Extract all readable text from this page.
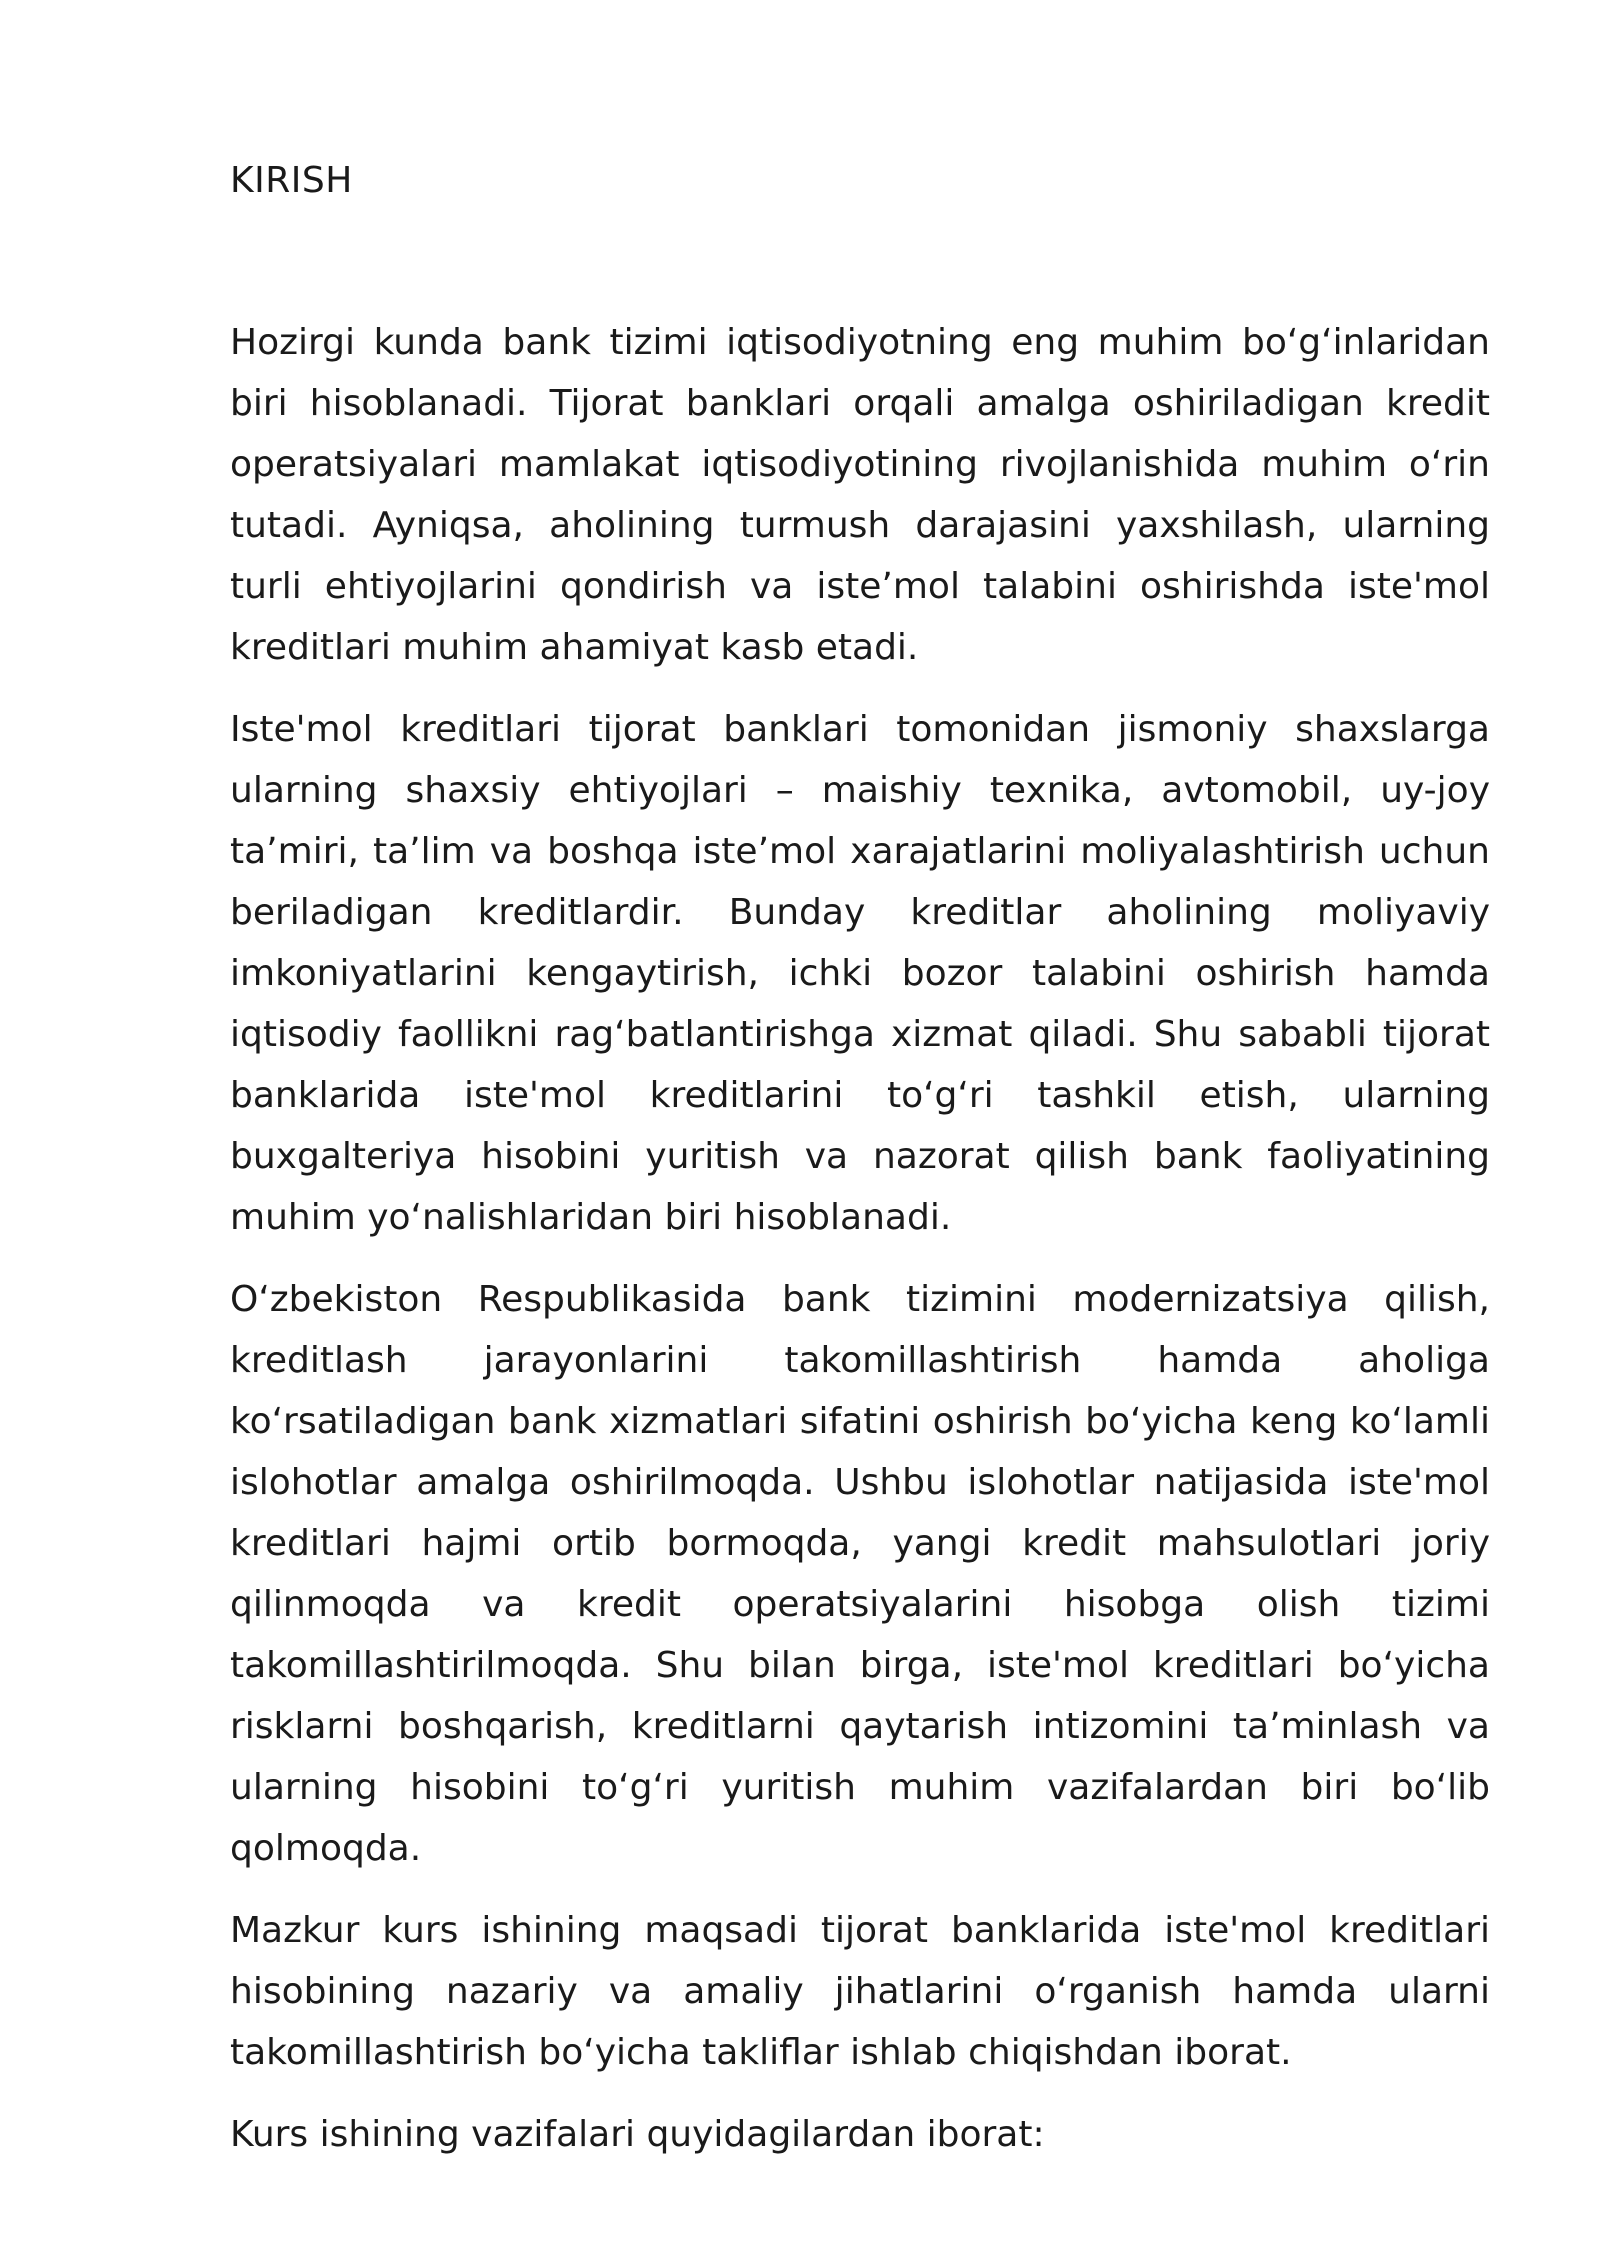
KIRISH

Hozirgi kunda bank tizimi iqtisodiyotning eng muhim bo‘g‘inlaridan biri hisoblanadi. Tijorat banklari orqali amalga oshiriladigan kredit operatsiyalari mamlakat iqtisodiyotining rivojlanishida muhim o‘rin tutadi. Ayniqsa, aholining turmush darajasini yaxshilash, ularning turli ehtiyojlarini qondirish va iste’mol talabini oshirishda iste'mol kreditlari muhim ahamiyat kasb etadi.

Iste'mol kreditlari tijorat banklari tomonidan jismoniy shaxslarga ularning shaxsiy ehtiyojlari – maishiy texnika, avtomobil, uy-joy ta’miri, ta’lim va boshqa iste’mol xarajatlarini moliyalashtirish uchun beriladigan kreditlardir. Bunday kreditlar aholining moliyaviy imkoniyatlarini kengaytirish, ichki bozor talabini oshirish hamda iqtisodiy faollikni rag‘batlantirishga xizmat qiladi. Shu sababli tijorat banklarida iste'mol kreditlarini to‘g‘ri tashkil etish, ularning buxgalteriya hisobini yuritish va nazorat qilish bank faoliyatining muhim yo‘nalishlaridan biri hisoblanadi.

O‘zbekiston Respublikasida bank tizimini modernizatsiya qilish, kreditlash jarayonlarini takomillashtirish hamda aholiga ko‘rsatiladigan bank xizmatlari sifatini oshirish bo‘yicha keng ko‘lamli islohotlar amalga oshirilmoqda. Ushbu islohotlar natijasida iste'mol kreditlari hajmi ortib bormoqda, yangi kredit mahsulotlari joriy qilinmoqda va kredit operatsiyalarini hisobga olish tizimi takomillashtirilmoqda. Shu bilan birga, iste'mol kreditlari bo‘yicha risklarni boshqarish, kreditlarni qaytarish intizomini ta’minlash va ularning hisobini to‘g‘ri yuritish muhim vazifalardan biri bo‘lib qolmoqda.

Mazkur kurs ishining maqsadi tijorat banklarida iste'mol kreditlari hisobining nazariy va amaliy jihatlarini o‘rganish hamda ularni takomillashtirish bo‘yicha takliflar ishlab chiqishdan iborat.

Kurs ishining vazifalari quyidagilardan iborat:
